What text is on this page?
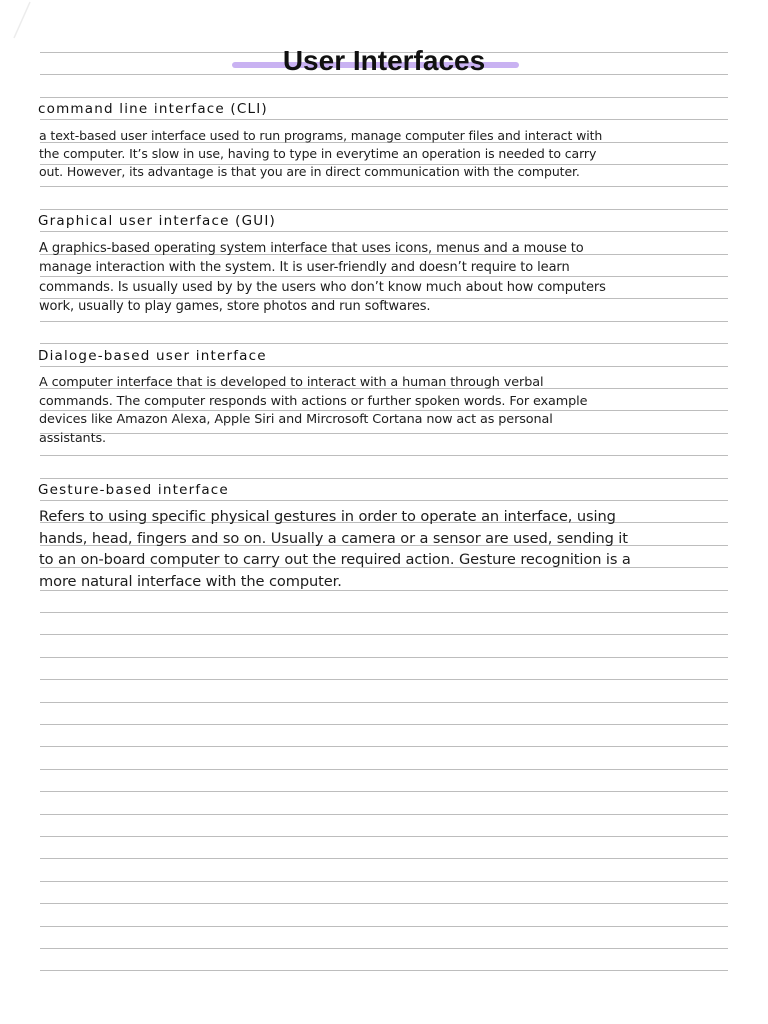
User Interfaces
command line interface (CLI)

a text-based user interface used to run programs, manage computer files and interact with the computer. It’s slow in use, having to type in everytime an operation is needed to carry out. However, its advantage is that you are in direct communication with the computer.

Graphical user interface (GUI)

A graphics-based operating system interface that uses icons, menus and a mouse to manage interaction with the system. It is user-friendly and doesn’t require to learn commands. Is usually used by by the users who don’t know much about how computers work, usually to play games, store photos and run softwares.

Dialoge-based user interface

A computer interface that is developed to interact with a human through verbal commands. The computer responds with actions or further spoken words. For example devices like Amazon Alexa, Apple Siri and Mircrosoft Cortana now act as personal assistants.

Gesture-based interface

Refers to using specific physical gestures in order to operate an interface, using hands, head, fingers and so on. Usually a camera or a sensor are used, sending it to an on-board computer to carry out the required action. Gesture recognition is a more natural interface with the computer.
